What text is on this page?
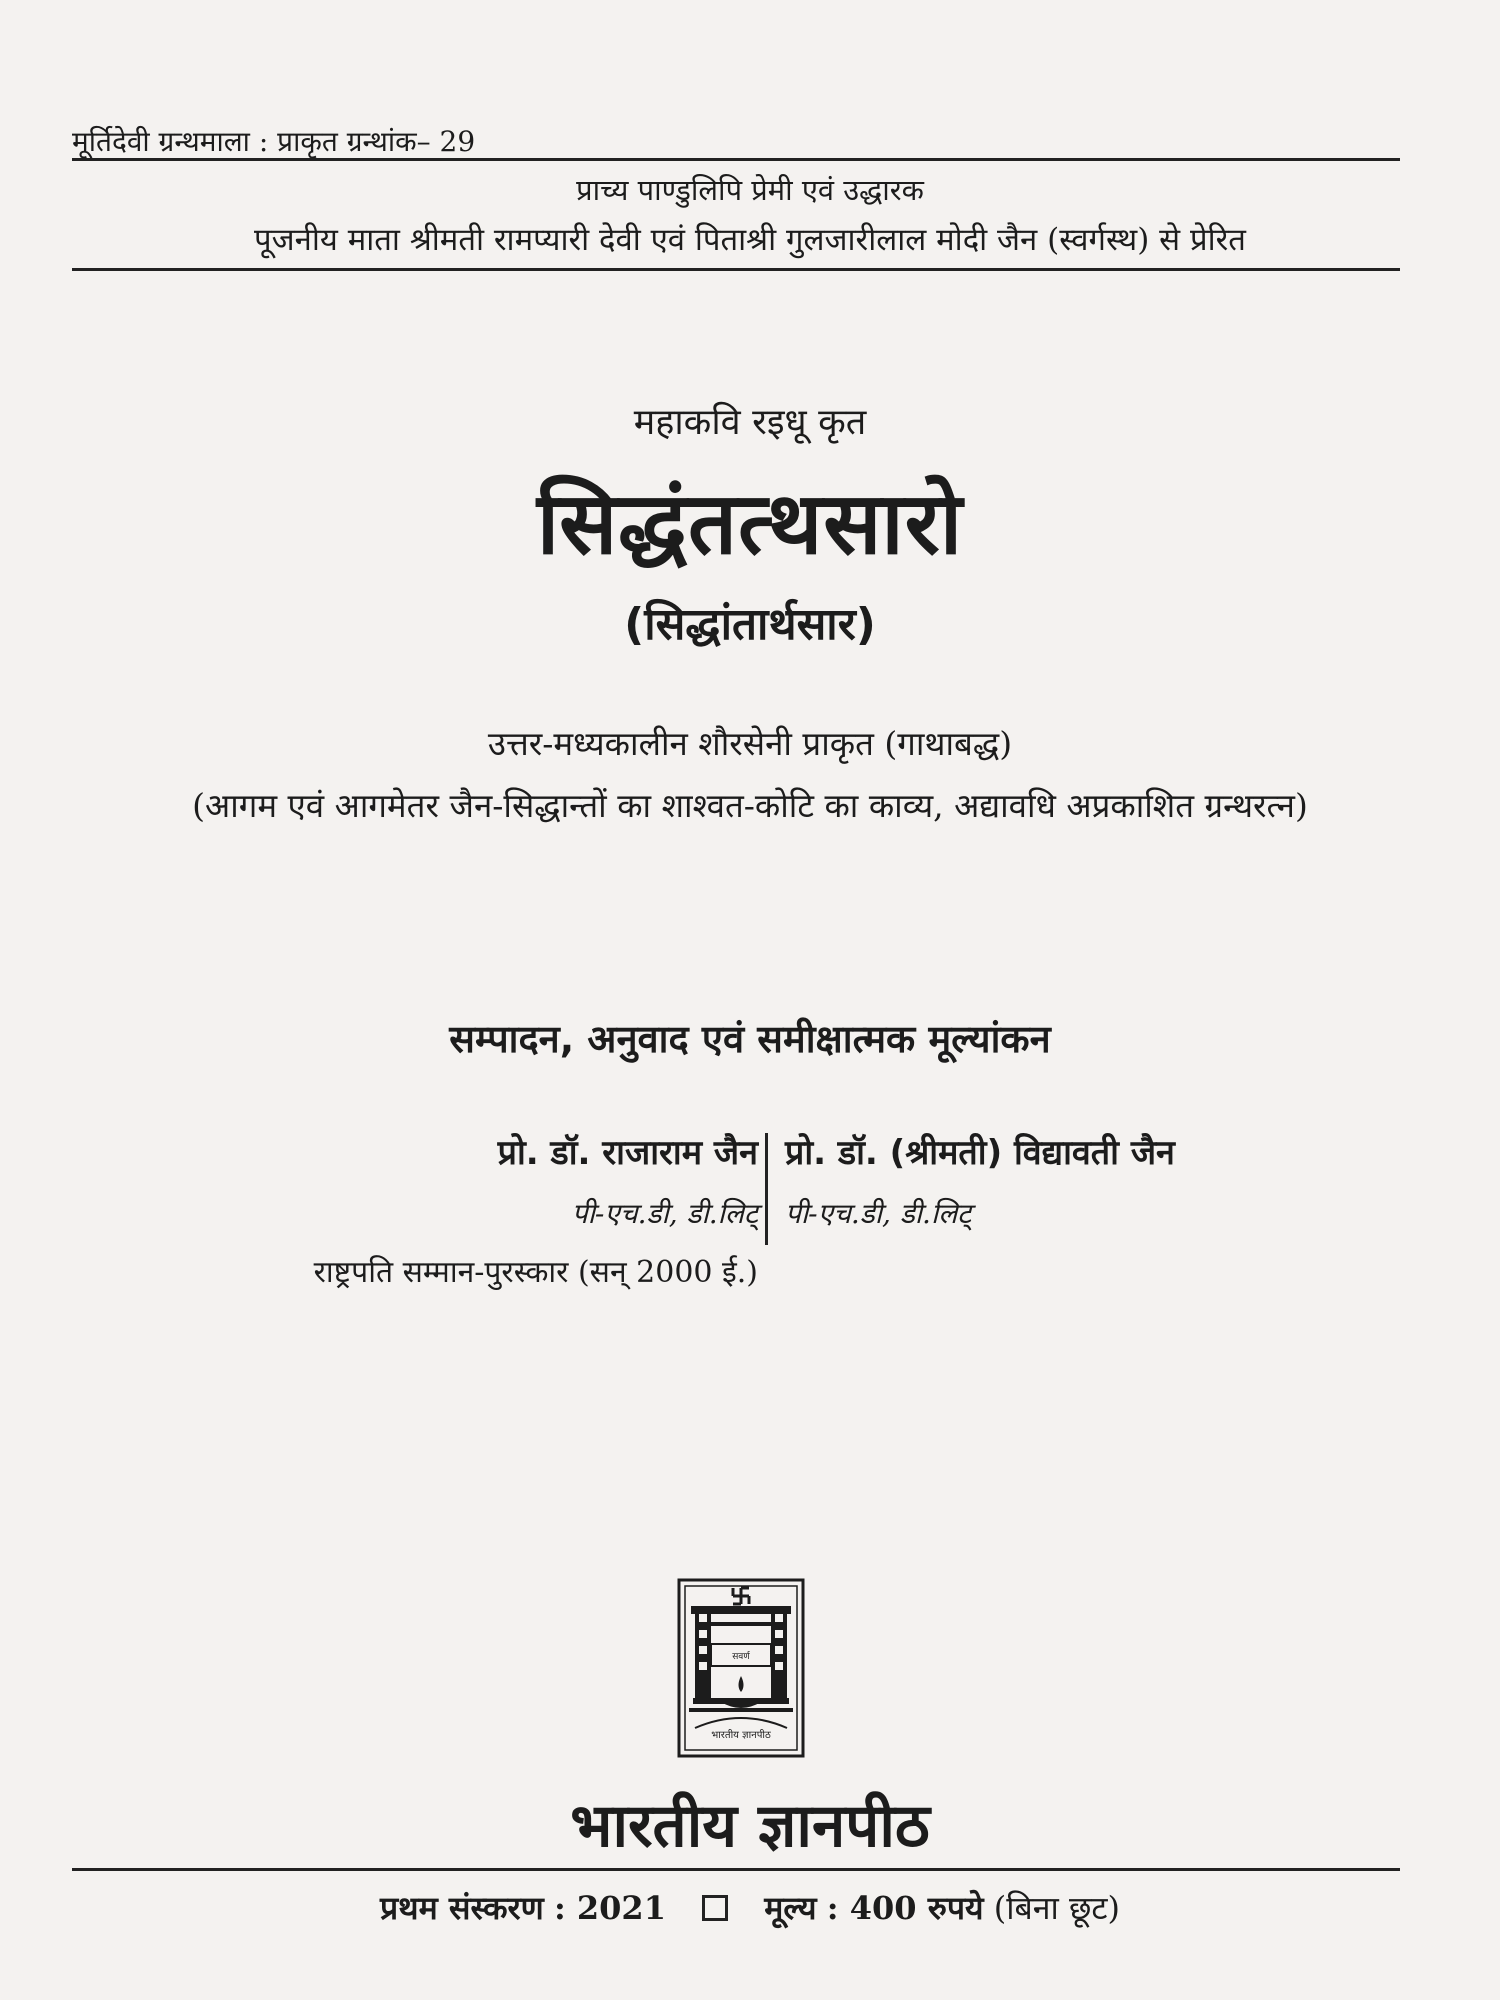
मूर्तिदेवी ग्रन्थमाला : प्राकृत ग्रन्थांक– 29
प्राच्य पाण्डुलिपि प्रेमी एवं उद्धारक
पूजनीय माता श्रीमती रामप्यारी देवी एवं पिताश्री गुलजारीलाल मोदी जैन (स्वर्गस्थ) से प्रेरित
महाकवि रइधू कृत
सिद्धंतत्थसारो
(सिद्धांतार्थसार)
उत्तर-मध्यकालीन शौरसेनी प्राकृत (गाथाबद्ध)
(आगम एवं आगमेतर जैन-सिद्धान्तों का शाश्वत-कोटि का काव्य, अद्यावधि अप्रकाशित ग्रन्थरत्न)
सम्पादन, अनुवाद एवं समीक्षात्मक मूल्यांकन
प्रो. डॉ. राजाराम जैन
पी-एच.डी, डी.लिट्
राष्ट्रपति सम्मान-पुरस्कार (सन् 2000 ई.)
प्रो. डॉ. (श्रीमती) विद्यावती जैन
पी-एच.डी, डी.लिट्
सवर्ण
भारतीय ज्ञानपीठ
भारतीय ज्ञानपीठ
प्रथम संस्करण : 2021	मूल्य : 400 रुपये (बिना छूट)
